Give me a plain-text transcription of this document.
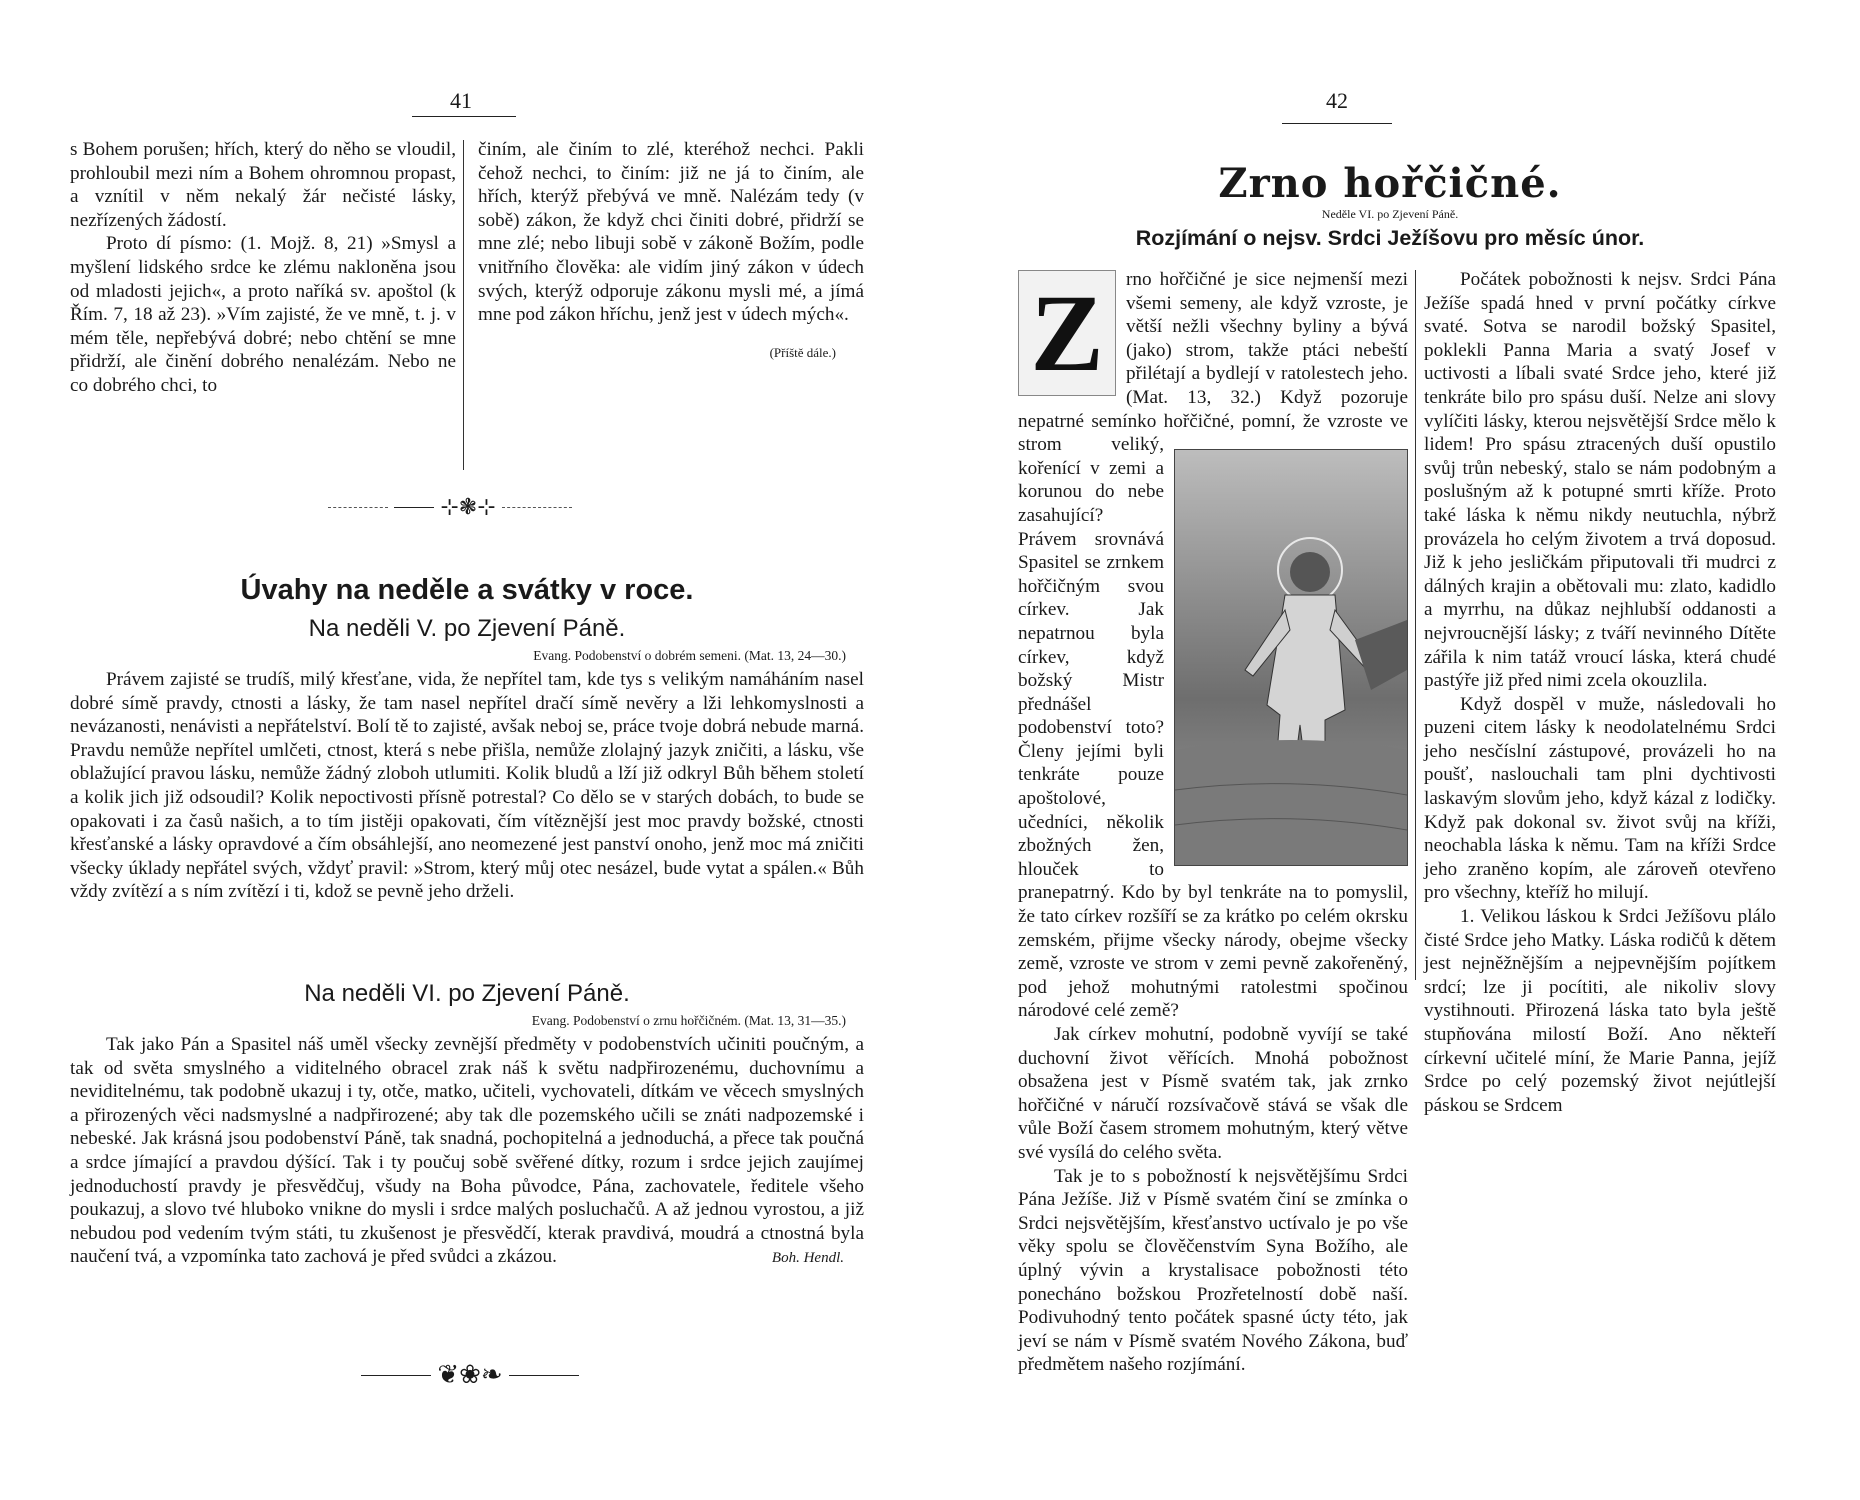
41

s Bohem porušen; hřích, který do něho se vloudil, prohloubil mezi ním a Bohem ohromnou propast, a vznítil v něm nekalý žár nečisté lásky, nezřízených žádostí.

Proto dí písmo: (1. Mojž. 8, 21) »Smysl a myšlení lidského srdce ke zlému nakloněna jsou od mladosti jejich«, a proto naříká sv. apoštol (k Řím. 7, 18 až 23). »Vím zajisté, že ve mně, t. j. v mém těle, nepřebývá dobré; nebo chtění se mne přidrží, ale činění dobrého nenalézám. Nebo ne co dobrého chci, to

činím, ale činím to zlé, kteréhož nechci. Pakli čehož nechci, to činím: již ne já to činím, ale hřích, kterýž přebývá ve mně. Nalézám tedy (v sobě) zákon, že když chci činiti dobré, přidrží se mne zlé; nebo libuji sobě v zákoně Božím, podle vnitřního člověka: ale vidím jiný zákon v údech svých, kterýž odporuje zákonu mysli mé, a jímá mne pod zákon hříchu, jenž jest v údech mých«.

(Příště dále.)

⊹❃⊹
Úvahy na neděle a svátky v roce.
Na neděli V. po Zjevení Páně.
Evang. Podobenství o dobrém semeni. (Mat. 13, 24—30.)
Právem zajisté se trudíš, milý křesťane, vida, že nepřítel tam, kde tys s velikým namáháním nasel dobré símě pravdy, ctnosti a lásky, že tam nasel nepřítel dračí símě nevěry a lži lehkomyslnosti a nevázanosti, nenávisti a nepřátelství. Bolí tě to zajisté, avšak neboj se, práce tvoje dobrá nebude marná. Pravdu nemůže nepřítel umlčeti, ctnost, která s nebe přišla, nemůže zlolajný jazyk zničiti, a lásku, vše oblažující pravou lásku, nemůže žádný zloboh utlumiti. Kolik bludů a lží již odkryl Bůh během století a kolik jich již odsoudil? Kolik nepoctivosti přísně potrestal? Co dělo se v starých dobách, to bude se opakovati i za časů našich, a to tím jistěji opakovati, čím vítěznější jest moc pravdy božské, ctnosti křesťanské a lásky opravdové a čím obsáhlejší, ano neomezené jest panství onoho, jenž moc má zničiti všecky úklady nepřátel svých, vždyť pravil: »Strom, který můj otec nesázel, bude vytat a spálen.« Bůh vždy zvítězí a s ním zvítězí i ti, kdož se pevně jeho drželi.
Na neděli VI. po Zjevení Páně.
Evang. Podobenství o zrnu hořčičném. (Mat. 13, 31—35.)

Tak jako Pán a Spasitel náš uměl všecky zevnější předměty v podobenstvích učiniti poučným, a tak od světa smyslného a viditelného obracel zrak náš k světu nadpřirozenému, duchovnímu a neviditelnému, tak podobně ukazuj i ty, otče, matko, učiteli, vychovateli, dítkám ve věcech smyslných a přirozených věci nadsmyslné a nadpřirozené; aby tak dle pozemského učili se znáti nadpozemské i nebeské. Jak krásná jsou podobenství Páně, tak snadná, pochopitelná a jednoduchá, a přece tak poučná a srdce jímající a pravdou dýšící. Tak i ty poučuj sobě svěřené dítky, rozum i srdce jejich zaujímej jednoduchostí pravdy je přesvědčuj, všudy na Boha původce, Pána, zachovatele, ředitele všeho poukazuj, a slovo tvé hluboko vnikne do mysli i srdce malých posluchačů. A až jednou vyrostou, a již nebudou pod vedením tvým státi, tu zkušenost je přesvědčí, kterak pravdivá, moudrá a ctnostná byla naučení tvá, a vzpomínka tato zachová je před svůdci a zkázou.	Boh. Hendl.

❦❀❧
42
Zrno hořčičné.
Neděle VI. po Zjevení Páně.
Rozjímání o nejsv. Srdci Ježíšovu pro měsíc únor.
Z	rno hořčičné je sice nejmenší mezi všemi semeny, ale když vzroste, je větší nežli všechny byliny a bývá (jako) strom, takže ptáci nebeští přilétají a bydlejí v ratolestech jeho. (Mat. 13, 32.) Když pozoruje nepatrné semínko hořčičné, pomní, že vzroste ve strom veliký, kořenící v zemi a korunou do nebe zasahující? Právem srovnává Spasitel se zrnkem hořčičným svou církev. Jak nepatrnou byla církev, když božský Mistr přednášel podobenství toto? Členy jejími byli tenkráte pouze apoštolové, učedníci, několik zbožných žen, hlouček to pranepatrný. Kdo by byl tenkráte na to pomyslil, že tato církev rozšíří se za krátko po celém okrsku zemském, přijme všecky národy, obejme všecky země, vzroste ve strom v zemi pevně zakořeněný, pod jehož mohutnými ratolestmi spočinou národové celé země?

Jak církev mohutní, podobně vyvíjí se také duchovní život věřících. Mnohá pobožnost obsažena jest v Písmě svatém tak, jak zrnko hořčičné v náručí rozsívačově stává se však dle vůle Boží časem stromem mohutným, který větve své vysílá do celého světa.

Tak je to s pobožností k nejsvětějšímu Srdci Pána Ježíše. Již v Písmě svatém činí se zmínka o Srdci nejsvětějším, křesťanstvo uctívalo je po vše věky spolu se člověčenstvím Syna Božího, ale úplný vývin a krystalisace pobožnosti této ponecháno božskou Prozřetelností době naší. Podivuhodný tento počátek spasné úcty této, jak jeví se nám v Písmě svatém Nového Zákona, buď předmětem našeho rozjímání.

Počátek pobožnosti k nejsv. Srdci Pána Ježíše spadá hned v první počátky církve svaté. Sotva se narodil božský Spasitel, poklekli Panna Maria a svatý Josef v uctivosti a líbali svaté Srdce jeho, které již tenkráte bilo pro spásu duší. Nelze ani slovy vylíčiti lásky, kterou nejsvětější Srdce mělo k lidem! Pro spásu ztracených duší opustilo svůj trůn nebeský, stalo se nám podobným a poslušným až k potupné smrti kříže. Proto také láska k němu nikdy neutuchla, nýbrž provázela ho celým životem a trvá doposud. Již k jeho jesličkám připutovali tři mudrci z dálných krajin a obětovali mu: zlato, kadidlo a myrrhu, na důkaz nejhlubší oddanosti a nejvroucnější lásky; z tváří nevinného Dítěte zářila k nim tatáž vroucí láska, která chudé pastýře již před nimi zcela okouzlila.

Když dospěl v muže, následovali ho puzeni citem lásky k neodolatelnému Srdci jeho nesčíslní zástupové, provázeli ho na poušť, naslouchali tam plni dychtivosti laskavým slovům jeho, když kázal z lodičky. Když pak dokonal sv. život svůj na kříži, neochabla láska k němu. Tam na kříži Srdce jeho zraněno kopím, ale zároveň otevřeno pro všechny, kteříž ho milují.

1. Velikou láskou k Srdci Ježíšovu plálo čisté Srdce jeho Matky. Láska rodičů k dětem jest nejněžnějším a nejpevnějším pojítkem srdcí; lze ji pocítiti, ale nikoliv slovy vystihnouti. Přirozená láska tato byla ještě stupňována milostí Boží. Ano někteří církevní učitelé míní, že Marie Panna, jejíž Srdce po celý pozemský život nejútlejší páskou se Srdcem
